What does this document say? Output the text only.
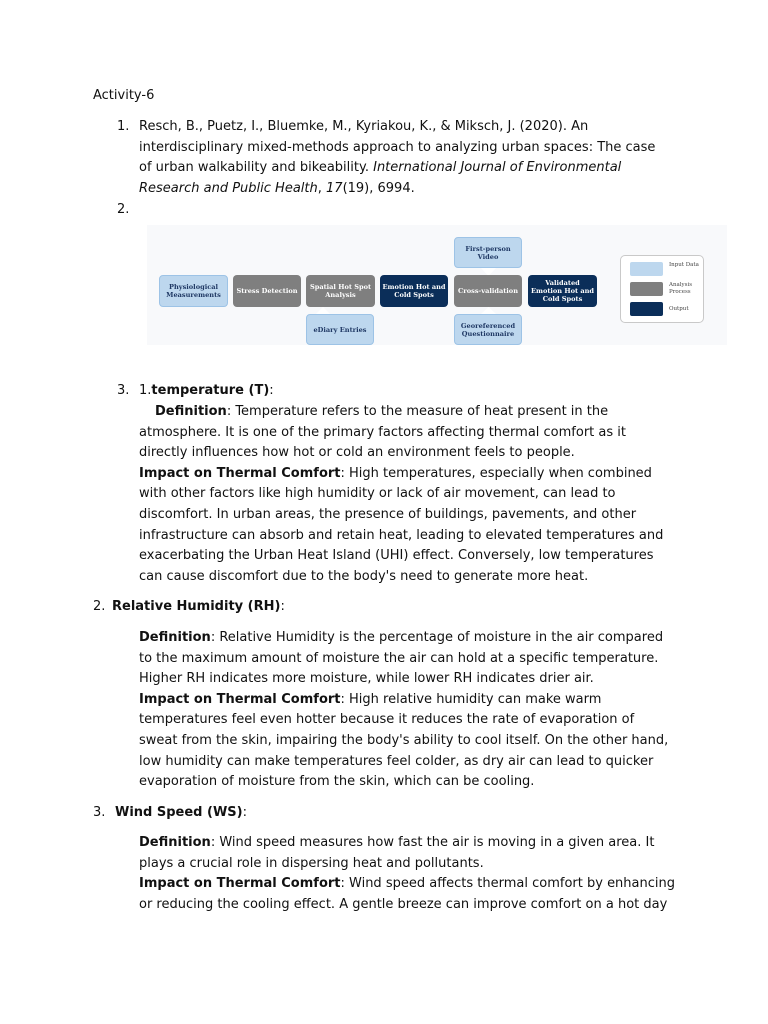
Activity-6
1. Resch, B., Puetz, I., Bluemke, M., Kyriakou, K., & Miksch, J. (2020). An
interdisciplinary mixed-methods approach to analyzing urban spaces: The case
of urban walkability and bikeability. International Journal of Environmental
Research and Public Health, 17(19), 6994.
2.
Physiological Measurements	Stress Detection	Spatial Hot Spot Analysis
Emotion Hot and Cold Spots	Cross-validation
Validated Emotion Hot and Cold Spots
First-person Video
eDiary Entries	Georeferenced Questionnaire
Input Data
Analysis Process
Output
3. 1.temperature (T):
Definition: Temperature refers to the measure of heat present in the
atmosphere. It is one of the primary factors affecting thermal comfort as it
directly influences how hot or cold an environment feels to people.
Impact on Thermal Comfort: High temperatures, especially when combined
with other factors like high humidity or lack of air movement, can lead to
discomfort. In urban areas, the presence of buildings, pavements, and other
infrastructure can absorb and retain heat, leading to elevated temperatures and
exacerbating the Urban Heat Island (UHI) effect. Conversely, low temperatures
can cause discomfort due to the body's need to generate more heat.
2. Relative Humidity (RH):
Definition: Relative Humidity is the percentage of moisture in the air compared
to the maximum amount of moisture the air can hold at a specific temperature.
Higher RH indicates more moisture, while lower RH indicates drier air.
Impact on Thermal Comfort: High relative humidity can make warm
temperatures feel even hotter because it reduces the rate of evaporation of
sweat from the skin, impairing the body's ability to cool itself. On the other hand,
low humidity can make temperatures feel colder, as dry air can lead to quicker
evaporation of moisture from the skin, which can be cooling.
3. Wind Speed (WS):
Definition: Wind speed measures how fast the air is moving in a given area. It
plays a crucial role in dispersing heat and pollutants.
Impact on Thermal Comfort: Wind speed affects thermal comfort by enhancing
or reducing the cooling effect. A gentle breeze can improve comfort on a hot day
